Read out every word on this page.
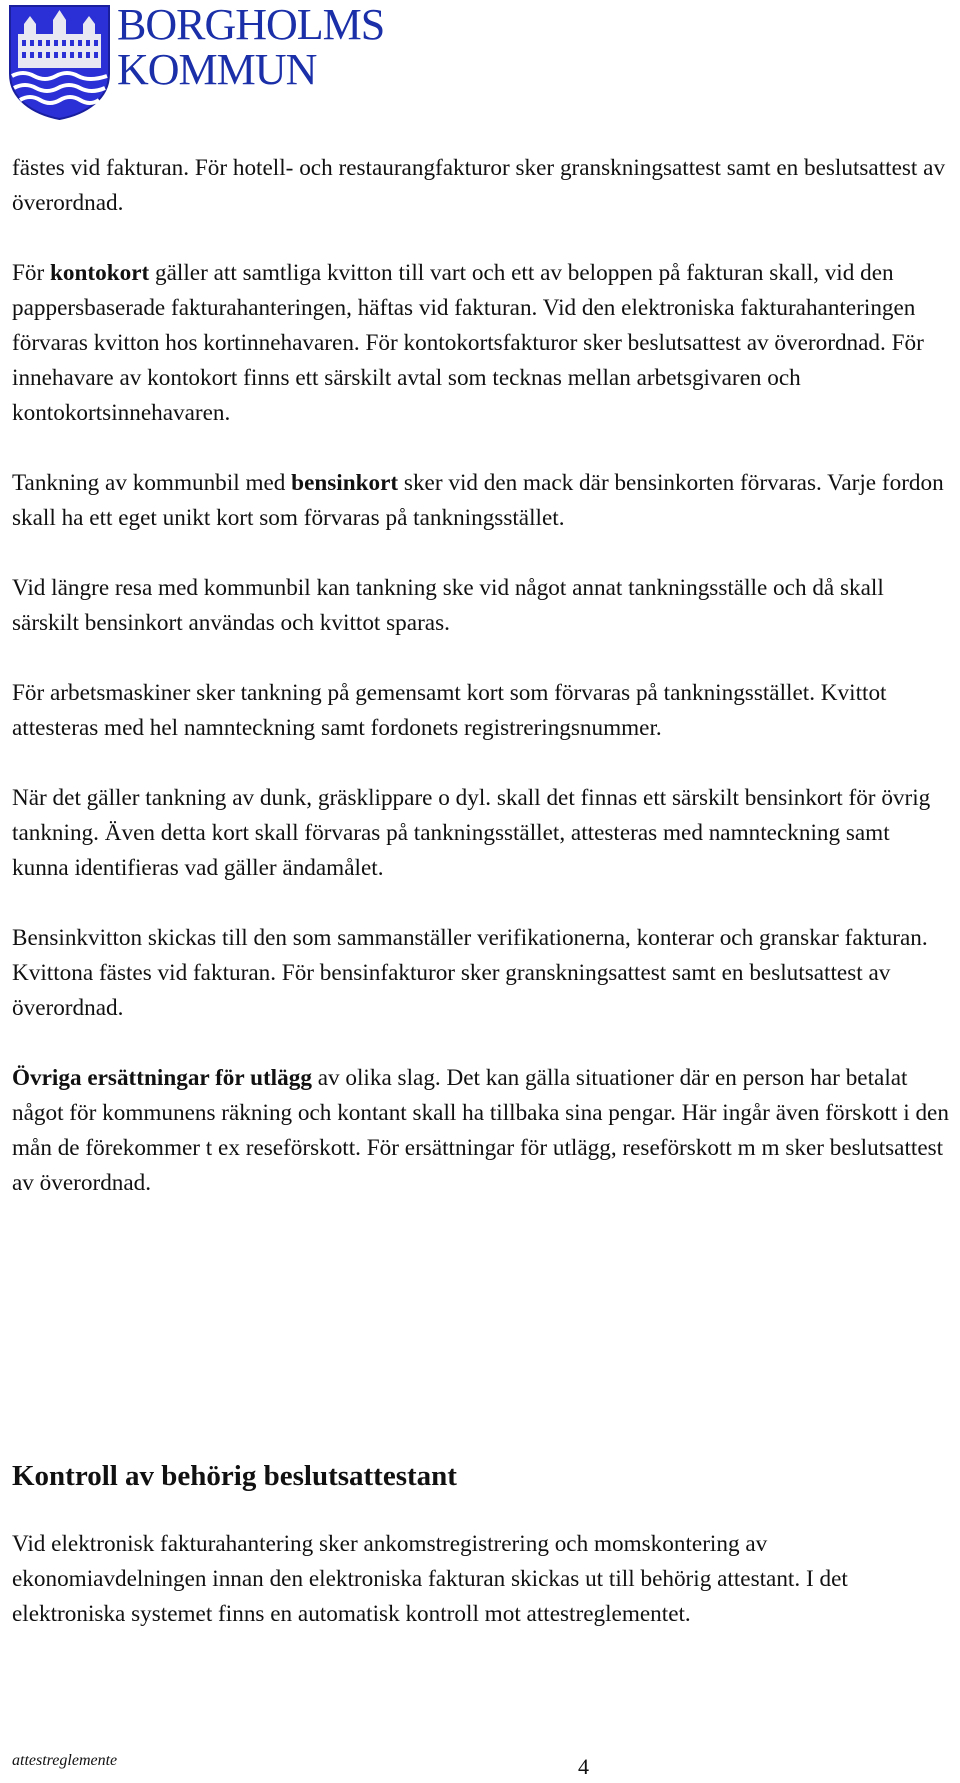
BORGHOLMS
KOMMUN

fästes vid fakturan. För hotell- och restaurangfakturor sker granskningsattest samt en beslutsattest av överordnad.

För kontokort gäller att samtliga kvitton till vart och ett av beloppen på fakturan skall, vid den pappersbaserade fakturahanteringen, häftas vid fakturan. Vid den elektroniska fakturahanteringen förvaras kvitton hos kortinnehavaren. För kontokortsfakturor sker beslutsattest av överordnad. För innehavare av kontokort finns ett särskilt avtal som tecknas mellan arbetsgivaren och kontokortsinnehavaren.

Tankning av kommunbil med bensinkort sker vid den mack där bensinkorten förvaras. Varje fordon skall ha ett eget unikt kort som förvaras på tankningsstället.

Vid längre resa med kommunbil kan tankning ske vid något annat tankningsställe och då skall särskilt bensinkort användas och kvittot sparas.

För arbetsmaskiner sker tankning på gemensamt kort som förvaras på tankningsstället. Kvittot attesteras med hel namnteckning samt fordonets registreringsnummer.

När det gäller tankning av dunk, gräsklippare o dyl. skall det finnas ett särskilt bensinkort för övrig tankning. Även detta kort skall förvaras på tankningsstället, attesteras med namnteckning samt kunna identifieras vad gäller ändamålet.

Bensinkvitton skickas till den som sammanställer verifikationerna, konterar och granskar fakturan. Kvittona fästes vid fakturan. För bensinfakturor sker granskningsattest samt en beslutsattest av överordnad.

Övriga ersättningar för utlägg av olika slag. Det kan gälla situationer där en person har betalat något för kommunens räkning och kontant skall ha tillbaka sina pengar. Här ingår även förskott i den mån de förekommer t ex reseförskott. För ersättningar för utlägg, reseförskott m m sker beslutsattest av överordnad.

Kontroll av behörig beslutsattestant

Vid elektronisk fakturahantering sker ankomstregistrering och momskontering av ekonomiavdelningen innan den elektroniska fakturan skickas ut till behörig attestant. I det elektroniska systemet finns en automatisk kontroll mot attestreglementet.

attestreglemente	4
